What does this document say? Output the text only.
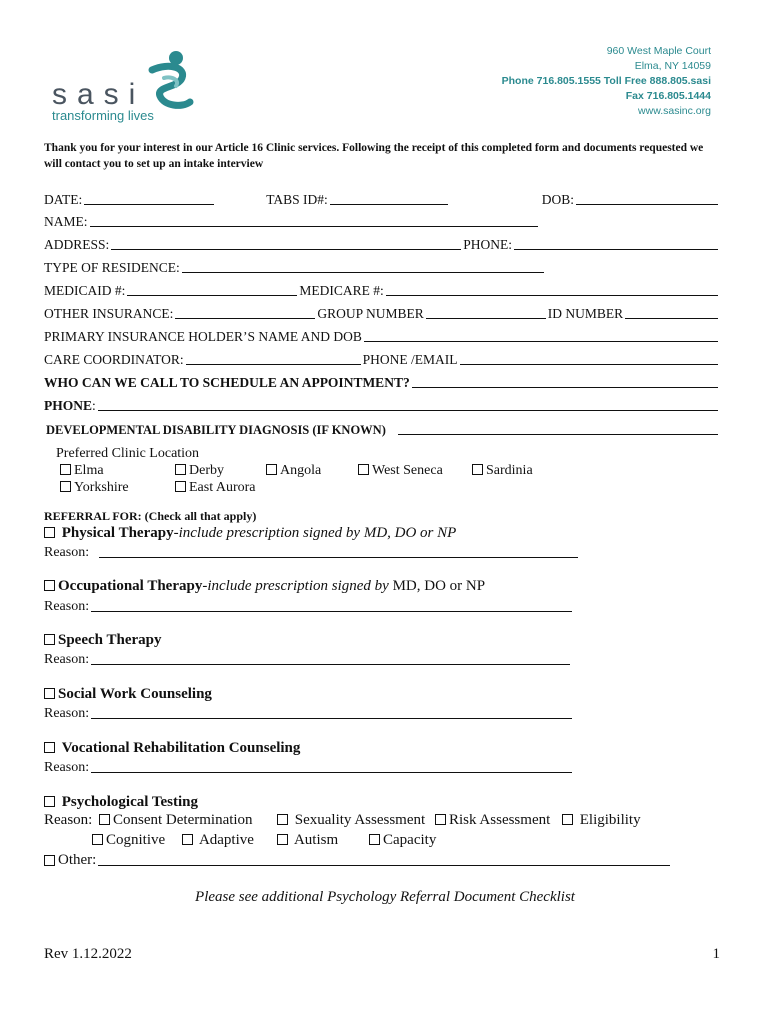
sasi
transforming lives
960 West Maple Court
Elma, NY 14059
Phone 716.805.1555 Toll Free 888.805.sasi
Fax 716.805.1444
www.sasinc.org
Thank you for your interest in our Article 16 Clinic services. Following the receipt of this completed form and documents requested we will contact you to set up an intake interview
DATE:	TABS ID#:	DOB:
NAME:
ADDRESS:	PHONE:
TYPE OF RESIDENCE:
MEDICAID #:	MEDICARE #:
OTHER INSURANCE:	GROUP NUMBER	ID NUMBER
PRIMARY INSURANCE HOLDER’S NAME AND DOB
CARE COORDINATOR:	PHONE /EMAIL
WHO CAN WE CALL TO SCHEDULE AN APPOINTMENT?
PHONE :
DEVELOPMENTAL DISABILITY DIAGNOSIS (IF KNOWN)
Preferred Clinic Location
Elma	Derby	Angola	West Seneca	Sardinia
Yorkshire	East Aurora
REFERRAL FOR: (Check all that apply)
Physical Therapy-include prescription signed by MD, DO or NP
Reason:
Occupational Therapy-include prescription signed by MD, DO or NP
Reason:
Speech Therapy
Reason:
Social Work Counseling
Reason:
Vocational Rehabilitation Counseling
Reason:
Psychological Testing
Reason:	Consent Determination	Sexuality Assessment	Risk Assessment	Eligibility
Cognitive	Adaptive	Autism	Capacity
Other:
Please see additional Psychology Referral Document Checklist
Rev 1.12.2022	1
